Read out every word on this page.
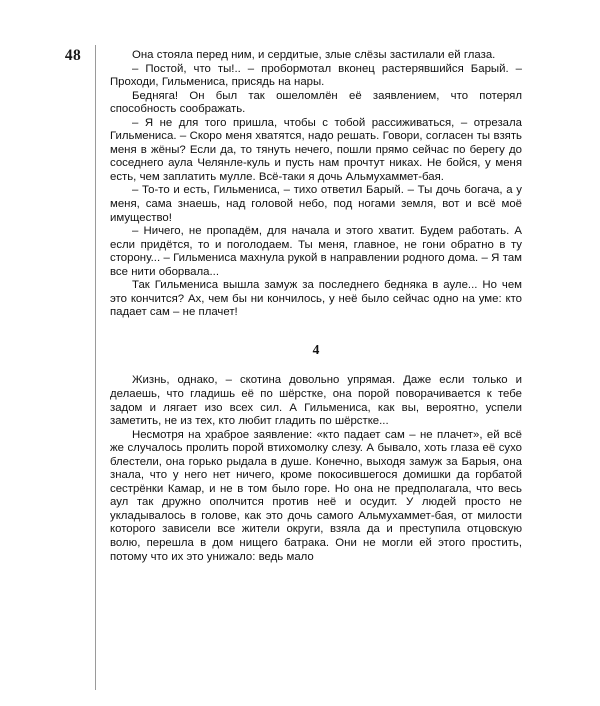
48	Она стояла перед ним, и сердитые, злые слёзы застилали ей глаза.

– Постой, что ты!.. – пробормотал вконец растерявшийся Барый. – Проходи, Гильмениса, присядь на нары.

Бедняга! Он был так ошеломлён её заявлением, что потерял способность соображать.

– Я не для того пришла, чтобы с тобой рассиживаться, – отрезала Гильмениса. – Скоро меня хватятся, надо решать. Говори, согласен ты взять меня в жёны? Если да, то тянуть нечего, пошли прямо сейчас по берегу до соседнего аула Челянле-куль и пусть нам прочтут никах. Не бойся, у меня есть, чем заплатить мулле. Всё-таки я дочь Альмухаммет-бая.

– То-то и есть, Гильмениса, – тихо ответил Барый. – Ты дочь богача, а у меня, сама знаешь, над головой небо, под ногами земля, вот и всё моё имущество!

– Ничего, не пропадём, для начала и этого хватит. Будем работать. А если придётся, то и поголодаем. Ты меня, главное, не гони обратно в ту сторону... – Гильмениса махнула рукой в направлении родного дома. – Я там все нити оборвала...

Так Гильмениса вышла замуж за последнего бедняка в ауле... Но чем это кончится? Ах, чем бы ни кончилось, у неё было сейчас одно на уме: кто падает сам – не плачет!

4

Жизнь, однако, – скотина довольно упрямая. Даже если только и делаешь, что гладишь её по шёрстке, она порой поворачивается к тебе задом и лягает изо всех сил. А Гильмениса, как вы, вероятно, успели заметить, не из тех, кто любит гладить по шёрстке...

Несмотря на храброе заявление: «кто падает сам – не плачет», ей всё же случалось пролить порой втихомолку слезу. А бывало, хоть глаза её сухо блестели, она горько рыдала в душе. Конечно, выходя замуж за Барыя, она знала, что у него нет ничего, кроме покосившегося домишки да горбатой сестрёнки Камар, и не в том было горе. Но она не предполагала, что весь аул так дружно ополчится против неё и осудит. У людей просто не укладывалось в голове, как это дочь самого Альмухаммет-бая, от милости которого зависели все жители округи, взяла да и преступила отцовскую волю, перешла в дом нищего батрака. Они не могли ей этого простить, потому что их это унижало: ведь мало
